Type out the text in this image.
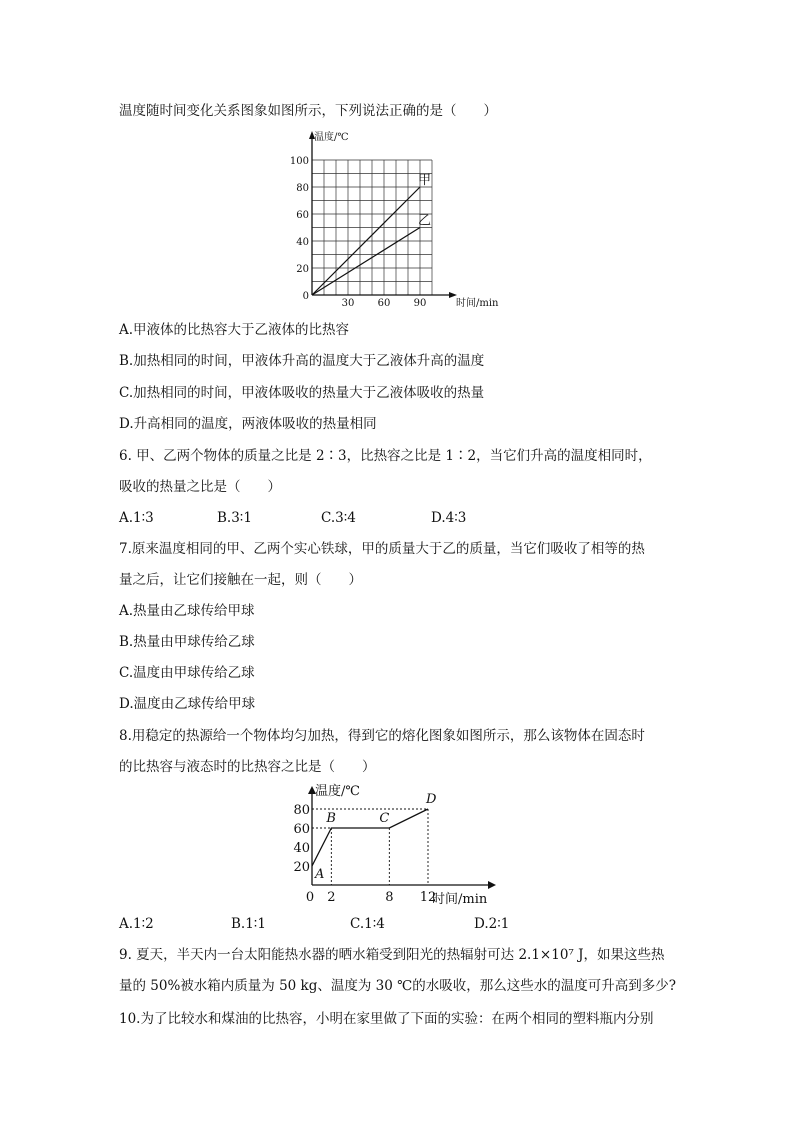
温度随时间变化关系图象如图所示，下列说法正确的是（　　）
甲
乙
温度/℃
时间/min
0
20
40
60
80
100
30 60 90
A.甲液体的比热容大于乙液体的比热容
B.加热相同的时间，甲液体升高的温度大于乙液体升高的温度
C.加热相同的时间，甲液体吸收的热量大于乙液体吸收的热量
D.升高相同的温度，两液体吸收的热量相同
6. 甲、乙两个物体的质量之比是 2∶3，比热容之比是 1∶2，当它们升高的温度相同时，
吸收的热量之比是（　　）
A.1∶3	B.3∶1	C.3∶4	D.4∶3
7.原来温度相同的甲、乙两个实心铁球，甲的质量大于乙的质量，当它们吸收了相等的热
量之后，让它们接触在一起，则（　　）
A.热量由乙球传给甲球
B.热量由甲球传给乙球
C.温度由甲球传给乙球
D.温度由乙球传给甲球
8.用稳定的热源给一个物体均匀加热，得到它的熔化图象如图所示，那么该物体在固态时
的比热容与液态时的比热容之比是（　　）
温度/℃
时间/min
20
40
60
80
0 2	8 12
A
B	C
D
A.1∶2	B.1∶1	C.1∶4	D.2∶1
9. 夏天，半天内一台太阳能热水器的晒水箱受到阳光的热辐射可达 2.1×10⁷ J，如果这些热
量的 50%被水箱内质量为 50 kg、温度为 30 ℃的水吸收，那么这些水的温度可升高到多少?
10.为了比较水和煤油的比热容，小明在家里做了下面的实验：在两个相同的塑料瓶内分别
